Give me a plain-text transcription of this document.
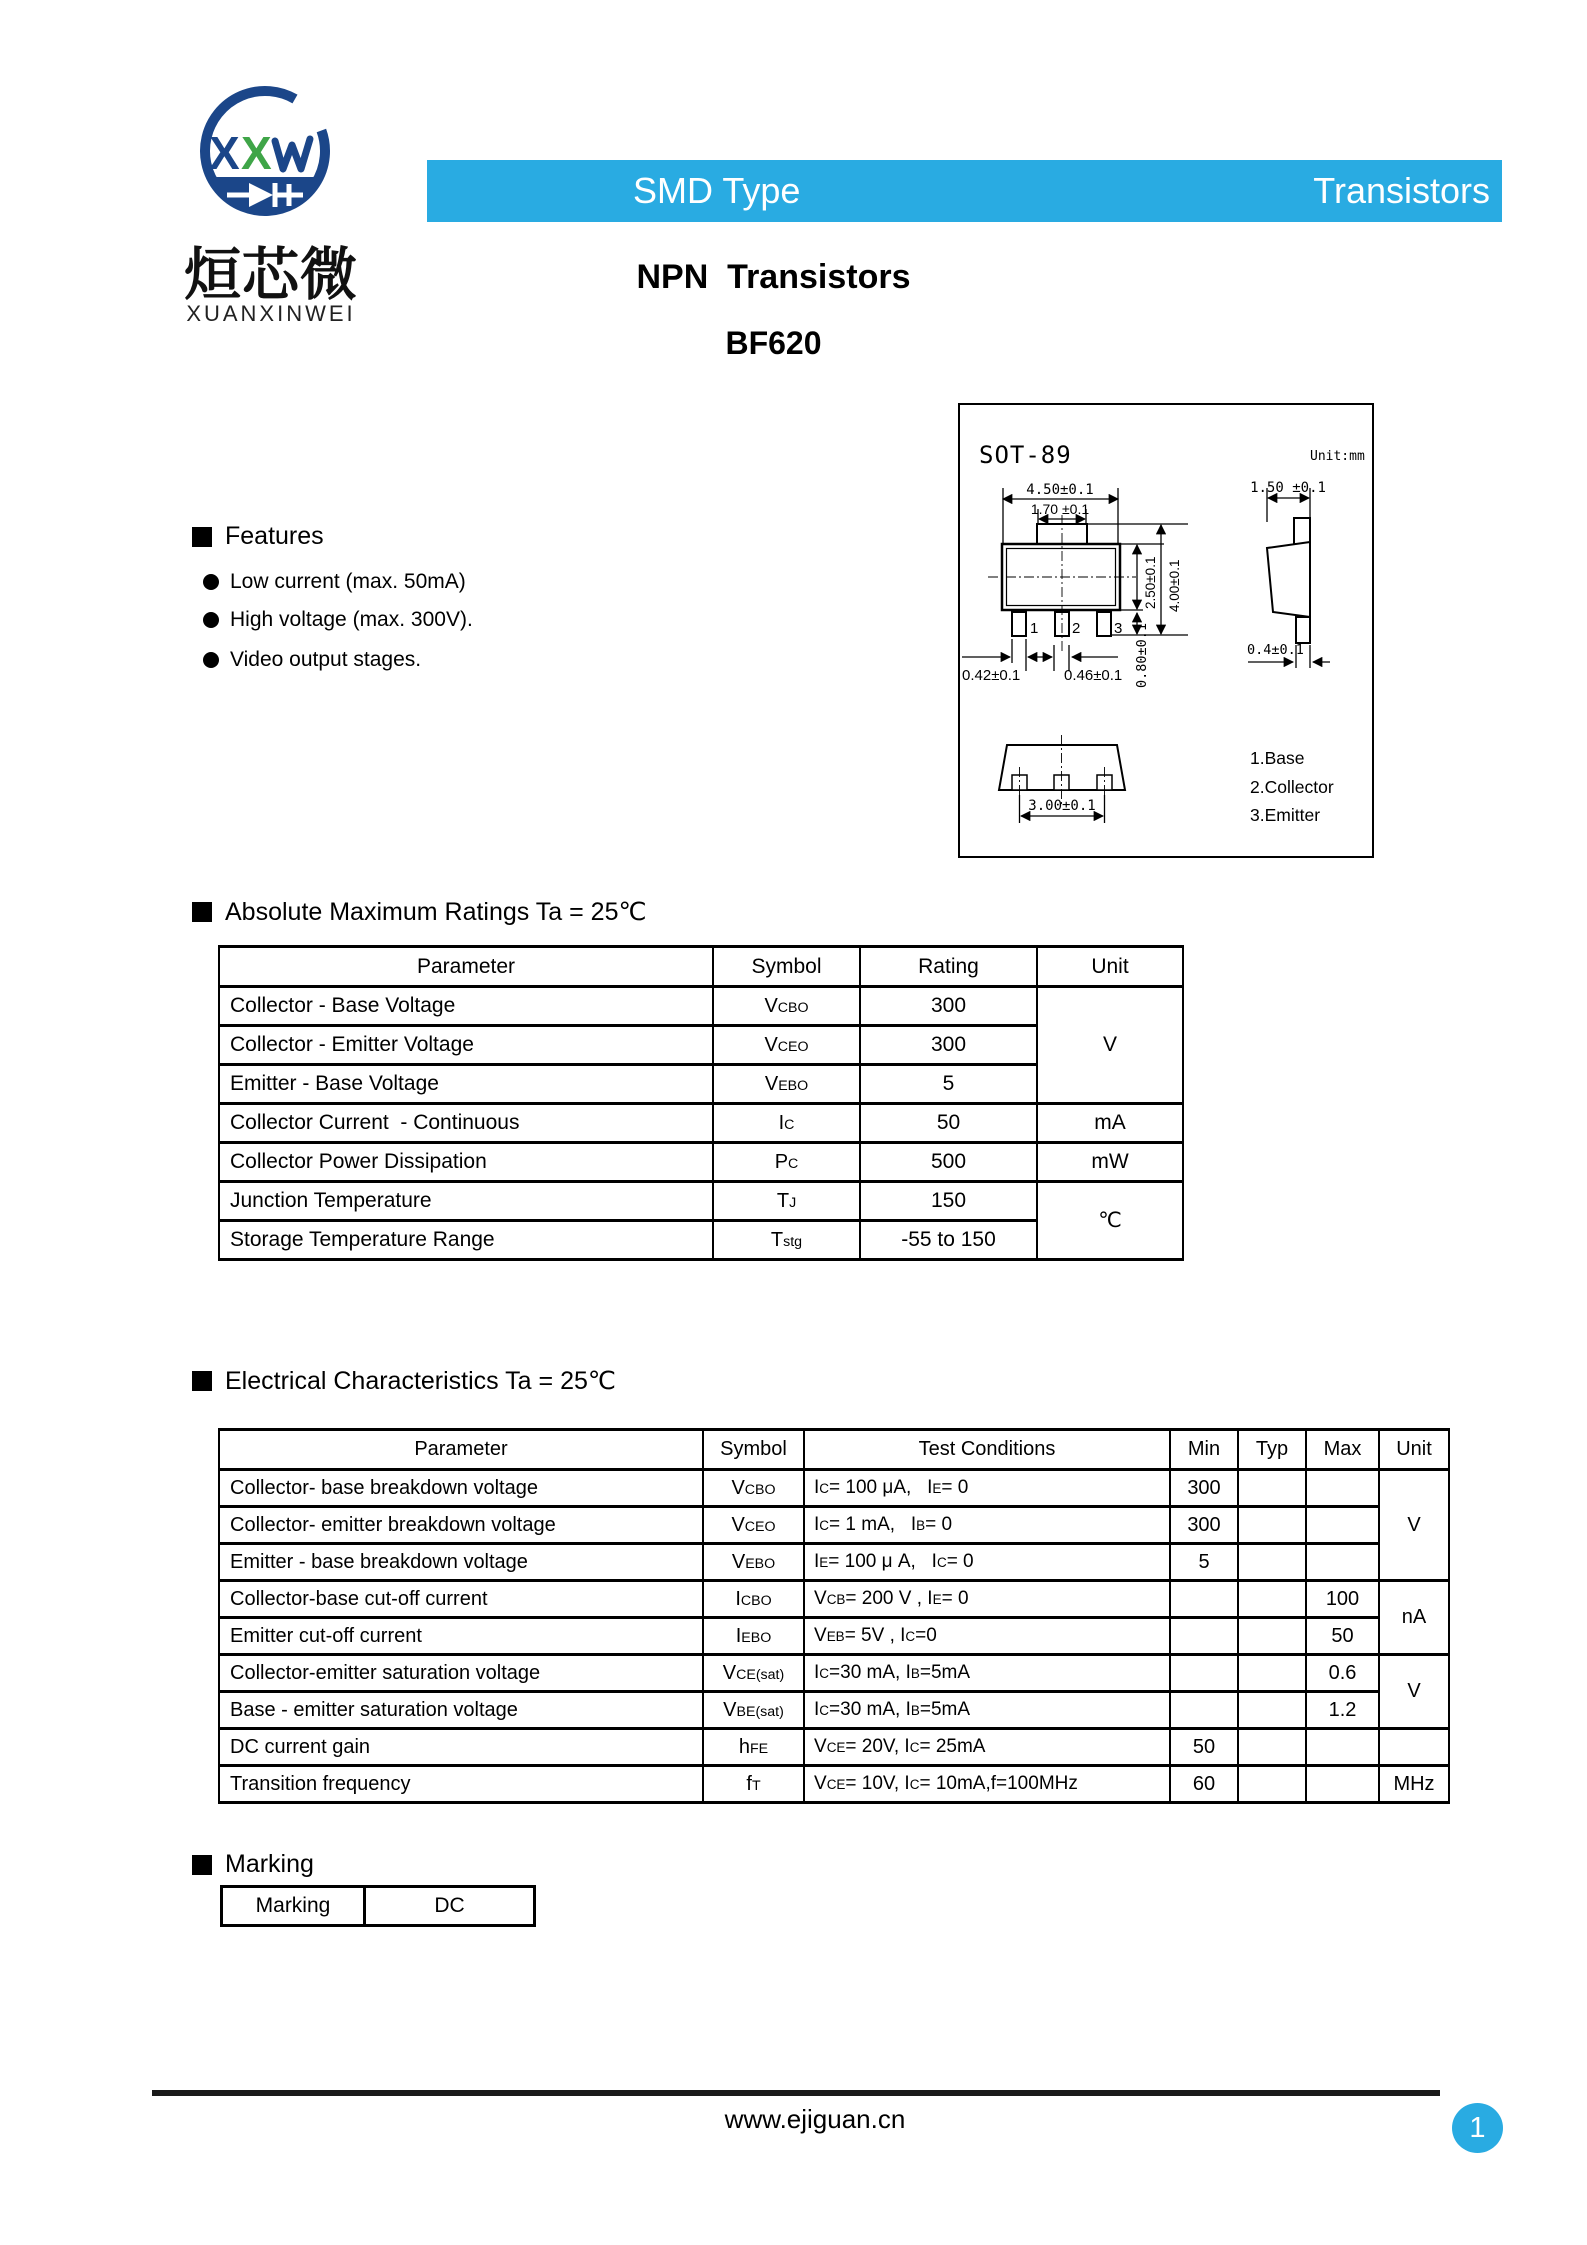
X X
烜芯微
XUANXINWEI
SMD Type	Transistors
NPN  Transistors
BF620
SOT-89	Unit:mm
4.50±0.1
1.70 ±0.1
1 2 3
2.50±0.1 4.00±0.1
0.80±0.1
0.42±0.1	0.46±0.1
1.50 ±0.1
0.4±0.1
3.00±0.1
1.Base
2.Collector
3.Emitter
Features
Low current (max. 50mA)
High voltage (max. 300V).
Video output stages.
Absolute Maximum Ratings Ta = 25℃
Parameter	Symbol	Rating	Unit
Collector - Base Voltage	VCBO	300	V
Collector - Emitter Voltage	VCEO	300	
Emitter - Base Voltage	VEBO	5	
Collector Current  - Continuous	IC	50	mA
Collector Power Dissipation	PC	500	mW
Junction Temperature	TJ	150	℃
Storage Temperature Range	Tstg	-55 to 150	
Electrical Characteristics Ta = 25℃
Parameter	Symbol	Test Conditions	Min	Typ	Max	Unit
Collector- base breakdown voltage	VCBO	IC= 100 μA,   IE= 0	300			V
Collector- emitter breakdown voltage	VCEO	IC= 1 mA,   IB= 0	300			
Emitter - base breakdown voltage	VEBO	IE= 100 μ A,   IC= 0	5			
Collector-base cut-off current	ICBO	VCB= 200 V , IE= 0			100	nA
Emitter cut-off current	IEBO	VEB= 5V , IC=0			50	
Collector-emitter saturation voltage	VCE(sat)	IC=30 mA, IB=5mA			0.6	V
Base - emitter saturation voltage	VBE(sat)	IC=30 mA, IB=5mA			1.2	
DC current gain	hFE	VCE= 20V, IC= 25mA	50			
Transition frequency	fT	VCE= 10V, IC= 10mA,f=100MHz	60			MHz
Marking
Marking	DC
www.ejiguan.cn	1
